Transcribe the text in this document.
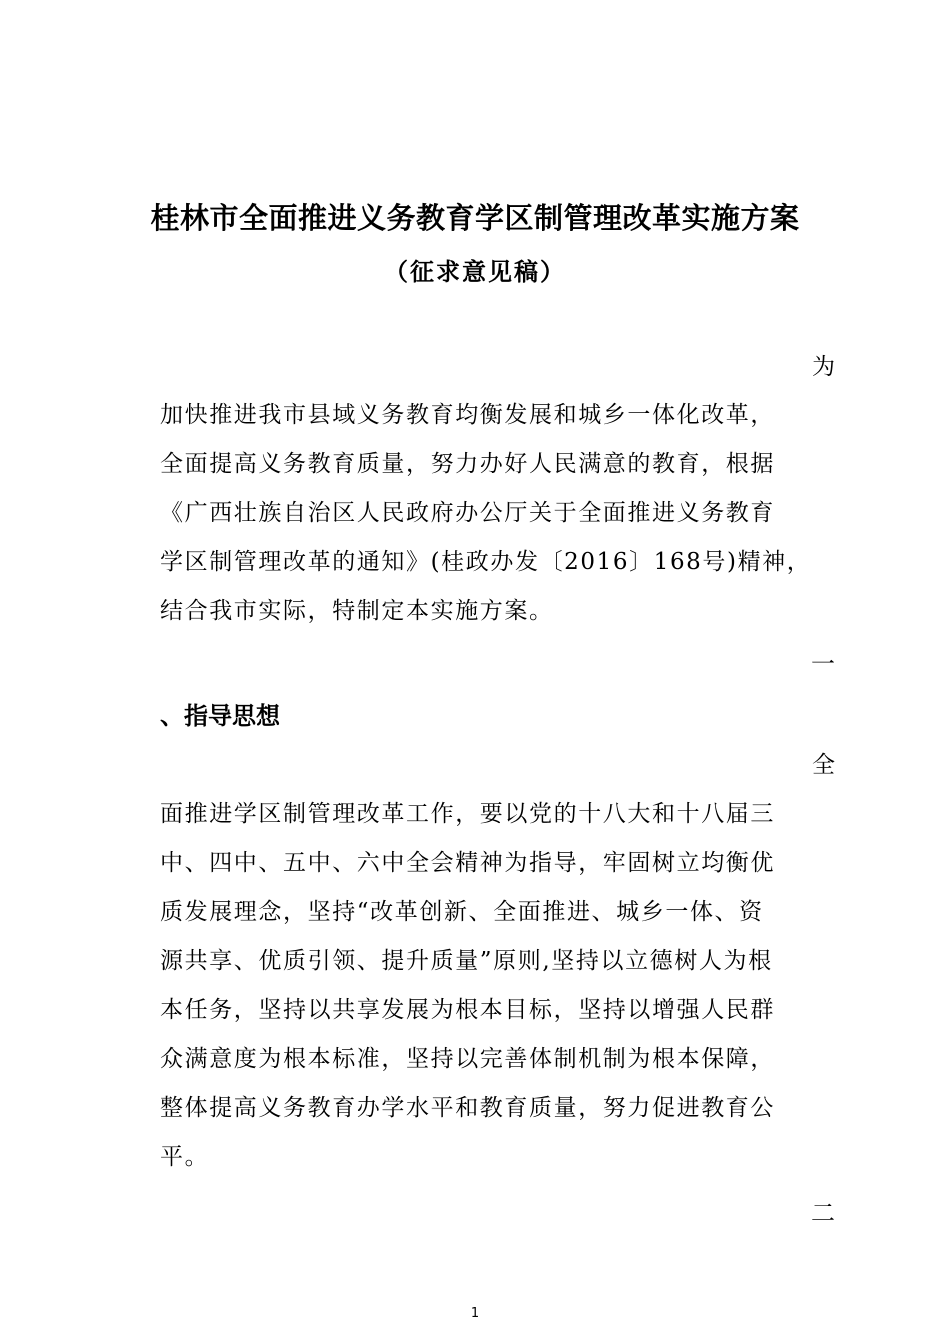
桂林市全面推进义务教育学区制管理改革实施方案
（征求意见稿）
为
加快推进我市县域义务教育均衡发展和城乡一体化改革，
全面提高义务教育质量，努力办好人民满意的教育，根据
《广西壮族自治区人民政府办公厅关于全面推进义务教育
学区制管理改革的通知》(桂政办发〔2016〕168号)精神，
结合我市实际，特制定本实施方案。
一
、指导思想
全
面推进学区制管理改革工作，要以党的十八大和十八届三
中、四中、五中、六中全会精神为指导，牢固树立均衡优
质发展理念，坚持“改革创新、全面推进、城乡一体、资
源共享、优质引领、提升质量”原则,坚持以立德树人为根
本任务，坚持以共享发展为根本目标，坚持以增强人民群
众满意度为根本标准，坚持以完善体制机制为根本保障，
整体提高义务教育办学水平和教育质量，努力促进教育公
平。
二
1
